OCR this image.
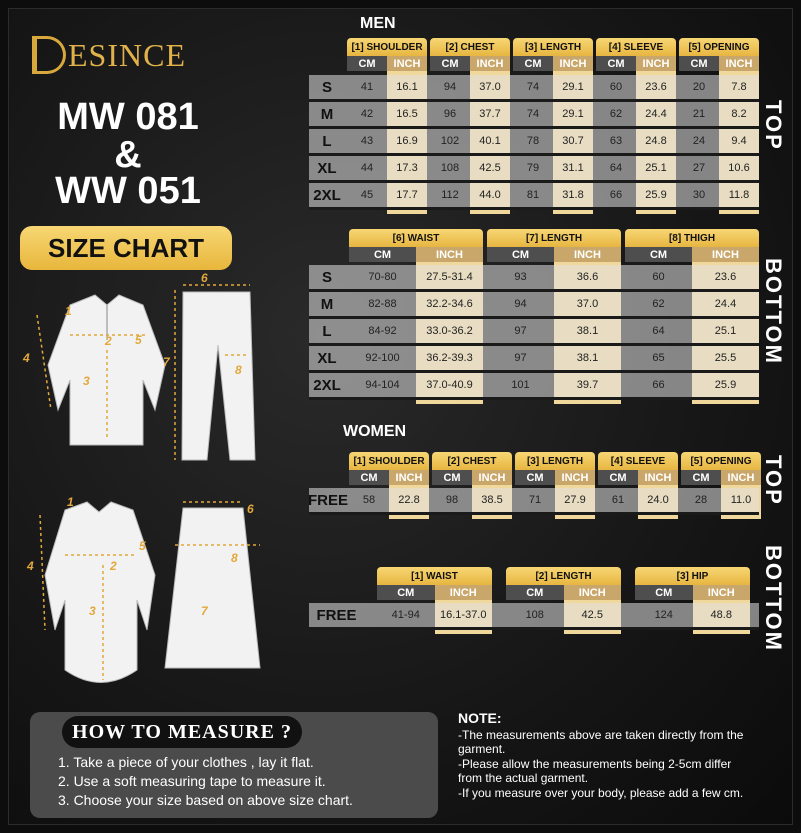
ESINCE
MW 081
&
WW 051
SIZE CHART
1
2
3
4
5
6
7
8
1
2
3
4
5
6
7
8
MEN
TOP
[1] SHOULDER
CM	INCH
[2] CHEST
CM	INCH
[3] LENGTH
CM	INCH
[4] SLEEVE
CM	INCH
[5] OPENING
CM	INCH
S	41	16.1	94	37.0	74	29.1	60	23.6	20	7.8
M	42	16.5	96	37.7	74	29.1	62	24.4	21	8.2
L	43	16.9	102	40.1	78	30.7	63	24.8	24	9.4
XL	44	17.3	108	42.5	79	31.1	64	25.1	27	10.6
2XL	45	17.7	112	44.0	81	31.8	66	25.9	30	11.8
BOTTOM
[6] WAIST
CM	INCH
[7] LENGTH
CM	INCH
[8] THIGH
CM	INCH
S	70-80	27.5-31.4	93	36.6	60	23.6
M	82-88	32.2-34.6	94	37.0	62	24.4
L	84-92	33.0-36.2	97	38.1	64	25.1
XL	92-100	36.2-39.3	97	38.1	65	25.5
2XL	94-104	37.0-40.9	101	39.7	66	25.9
WOMEN
TOP
[1] SHOULDER
CM	INCH
[2] CHEST
CM	INCH
[3] LENGTH
CM	INCH
[4] SLEEVE
CM	INCH
[5] OPENING
CM	INCH
FREE	58	22.8	98	38.5	71	27.9	61	24.0	28	11.0
BOTTOM
[1] WAIST
CM	INCH
[2] LENGTH
CM	INCH
[3] HIP
CM	INCH
FREE	41-94	16.1-37.0	108	42.5	124	48.8
HOW TO MEASURE ?
1. Take a piece of your clothes , lay it flat.
2. Use a soft measuring tape to measure it.
3. Choose your size based on above size chart.
NOTE:
-The measurements above are taken directly from the garment.
-Please allow the measurements being 2-5cm differ from the actual garment.
-If you measure over your body, please add a few cm.
